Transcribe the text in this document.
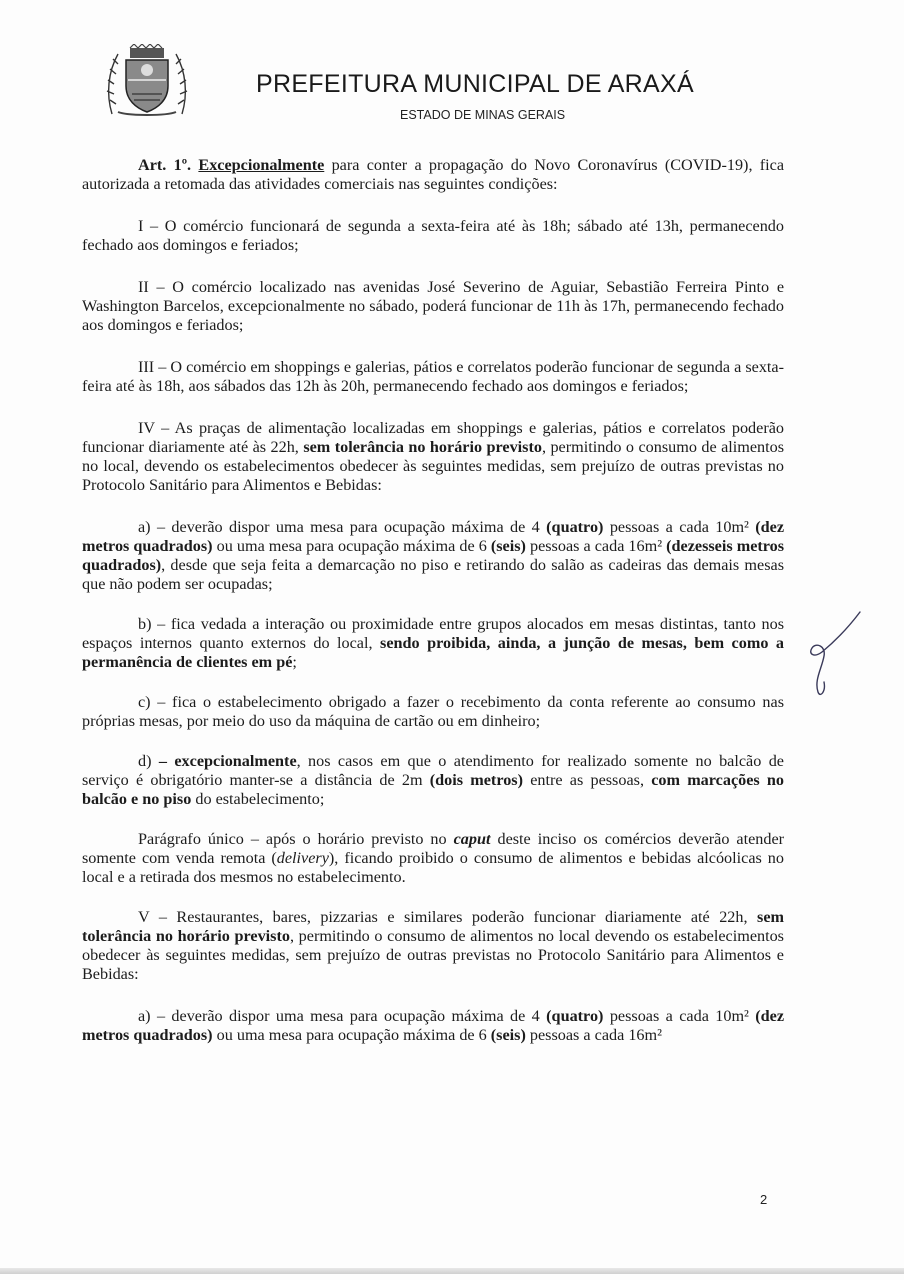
PREFEITURA MUNICIPAL DE ARAXÁ
ESTADO DE MINAS GERAIS

Art. 1º. Excepcionalmente para conter a propagação do Novo Coronavírus (COVID-19), fica autorizada a retomada das atividades comerciais nas seguintes condições:

I – O comércio funcionará de segunda a sexta-feira até às 18h; sábado até 13h, permanecendo fechado aos domingos e feriados;

II – O comércio localizado nas avenidas José Severino de Aguiar, Sebastião Ferreira Pinto e Washington Barcelos, excepcionalmente no sábado, poderá funcionar de 11h às 17h, permanecendo fechado aos domingos e feriados;

III – O comércio em shoppings e galerias, pátios e correlatos poderão funcionar de segunda a sexta-feira até às 18h, aos sábados das 12h às 20h, permanecendo fechado aos domingos e feriados;

IV – As praças de alimentação localizadas em shoppings e galerias, pátios e correlatos poderão funcionar diariamente até às 22h, sem tolerância no horário previsto, permitindo o consumo de alimentos no local, devendo os estabelecimentos obedecer às seguintes medidas, sem prejuízo de outras previstas no Protocolo Sanitário para Alimentos e Bebidas:

a) – deverão dispor uma mesa para ocupação máxima de 4 (quatro) pessoas a cada 10m² (dez metros quadrados) ou uma mesa para ocupação máxima de 6 (seis) pessoas a cada 16m² (dezesseis metros quadrados), desde que seja feita a demarcação no piso e retirando do salão as cadeiras das demais mesas que não podem ser ocupadas;

b) – fica vedada a interação ou proximidade entre grupos alocados em mesas distintas, tanto nos espaços internos quanto externos do local, sendo proibida, ainda, a junção de mesas, bem como a permanência de clientes em pé;

c) – fica o estabelecimento obrigado a fazer o recebimento da conta referente ao consumo nas próprias mesas, por meio do uso da máquina de cartão ou em dinheiro;

d) – excepcionalmente, nos casos em que o atendimento for realizado somente no balcão de serviço é obrigatório manter-se a distância de 2m (dois metros) entre as pessoas, com marcações no balcão e no piso do estabelecimento;

Parágrafo único – após o horário previsto no caput deste inciso os comércios deverão atender somente com venda remota (delivery), ficando proibido o consumo de alimentos e bebidas alcóolicas no local e a retirada dos mesmos no estabelecimento.

V – Restaurantes, bares, pizzarias e similares poderão funcionar diariamente até 22h, sem tolerância no horário previsto, permitindo o consumo de alimentos no local devendo os estabelecimentos obedecer às seguintes medidas, sem prejuízo de outras previstas no Protocolo Sanitário para Alimentos e Bebidas:

a) – deverão dispor uma mesa para ocupação máxima de 4 (quatro) pessoas a cada 10m² (dez metros quadrados) ou uma mesa para ocupação máxima de 6 (seis) pessoas a cada 16m²

2
